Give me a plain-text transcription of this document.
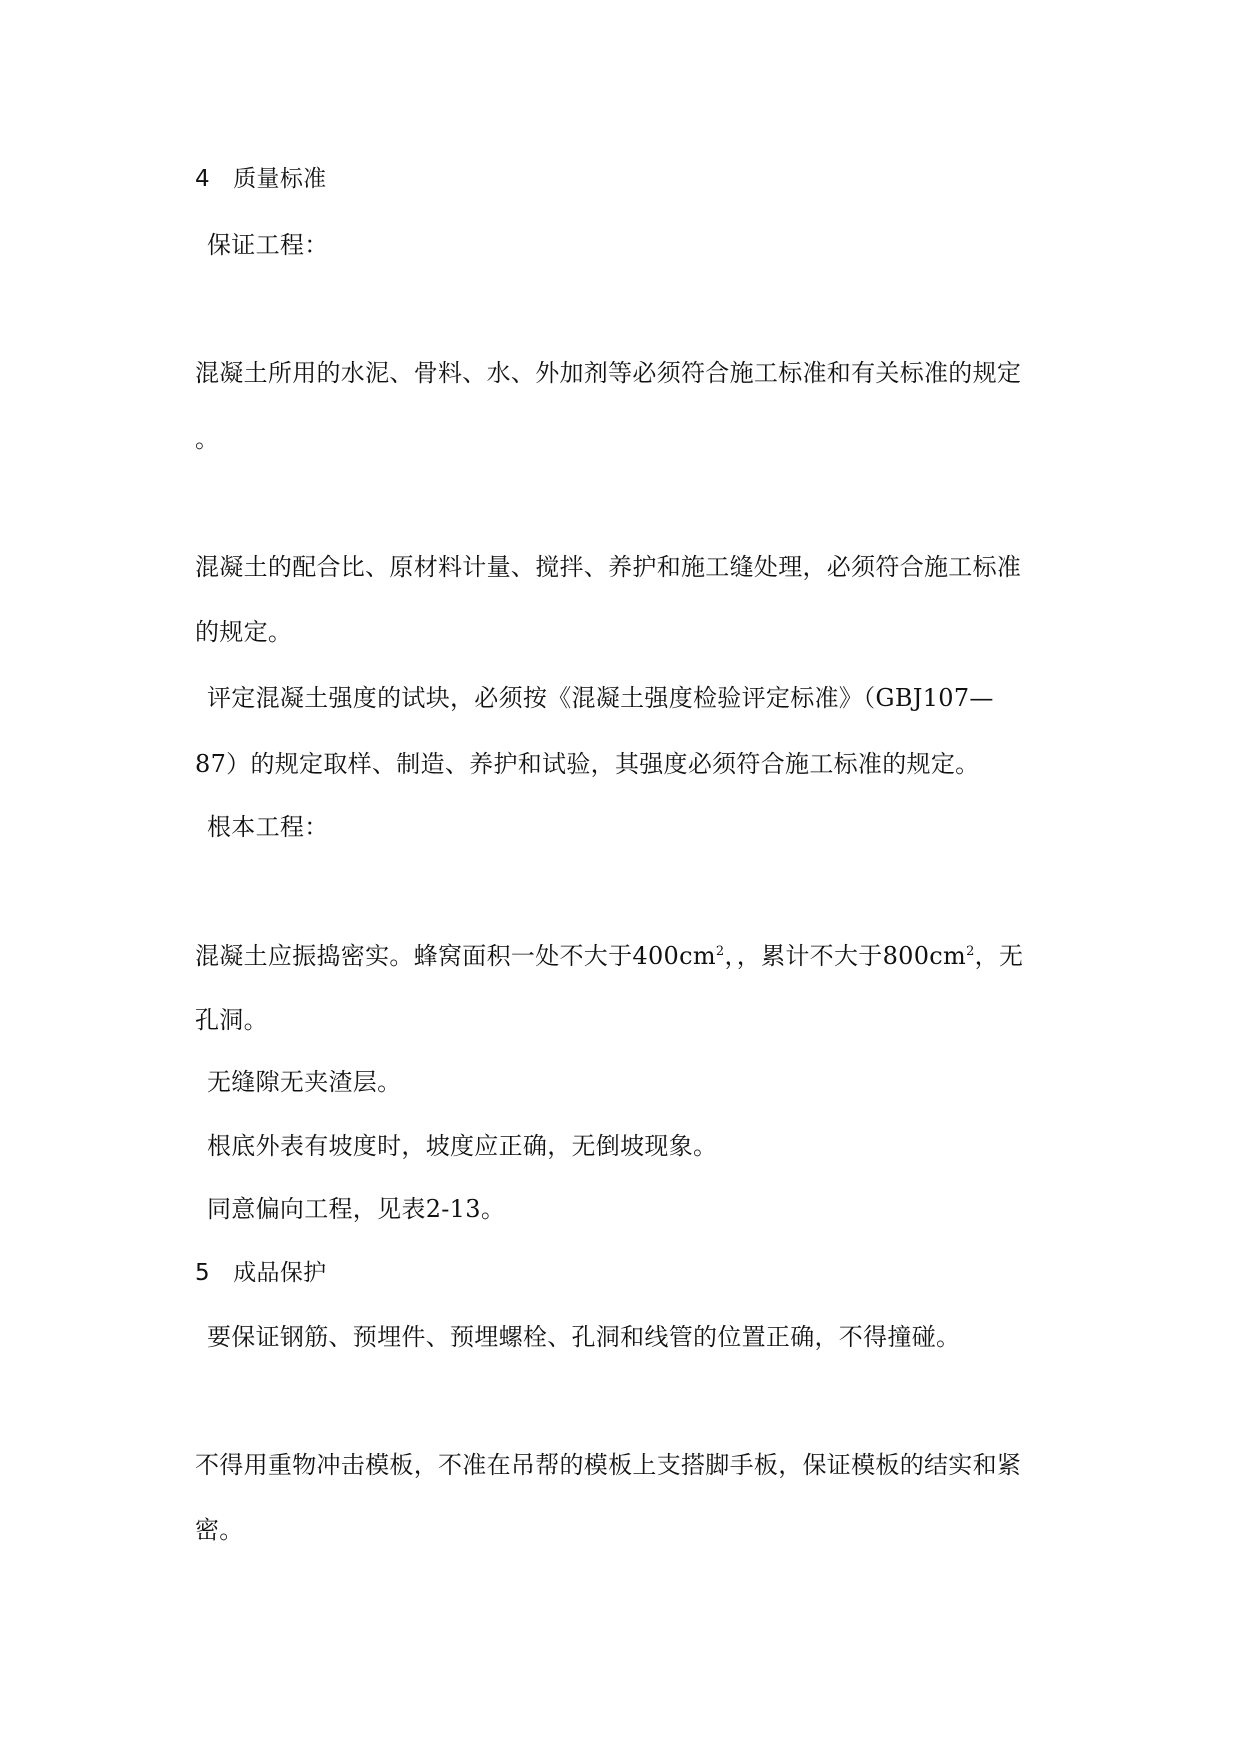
4　质量标准
保证工程：
混凝土所用的水泥、骨料、水、外加剂等必须符合施工标准和有关标准的规定
。
混凝土的配合比、原材料计量、搅拌、养护和施工缝处理，必须符合施工标准
的规定。
评定混凝土强度的试块，必须按《混凝土强度检验评定标准》（GBJ107—
87）的规定取样、制造、养护和试验，其强度必须符合施工标准的规定。
根本工程：
混凝土应振捣密实。蜂窝面积一处不大于$400cm^2$，，累计不大于$800cm^2$，无
孔洞。
无缝隙无夹渣层。
根底外表有坡度时，坡度应正确，无倒坡现象。
同意偏向工程，见表2-13。
5　成品保护
要保证钢筋、预埋件、预埋螺栓、孔洞和线管的位置正确，不得撞碰。
不得用重物冲击模板，不准在吊帮的模板上支搭脚手板，保证模板的结实和紧
密。
